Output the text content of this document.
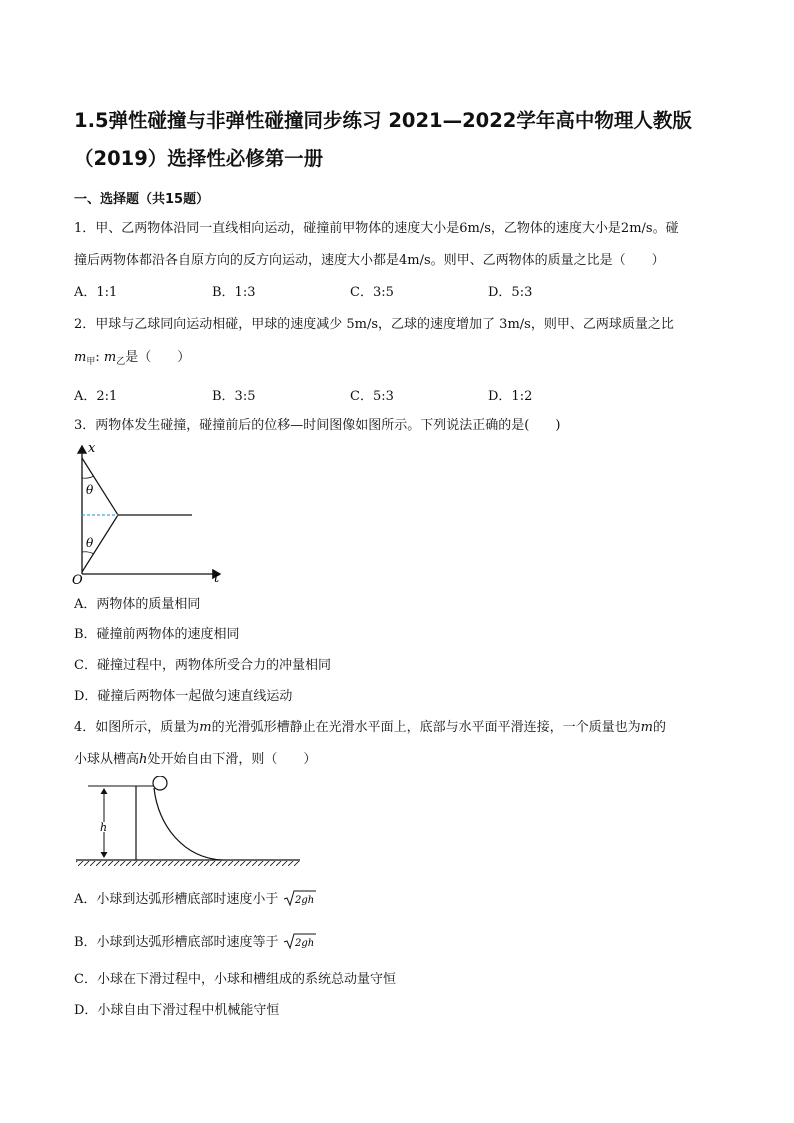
1.5弹性碰撞与非弹性碰撞同步练习 2021—2022学年高中物理人教版（2019）选择性必修第一册
一、选择题（共15题）
1．甲、乙两物体沿同一直线相向运动，碰撞前甲物体的速度大小是6m/s，乙物体的速度大小是2m/s。碰
撞后两物体都沿各自原方向的反方向运动，速度大小都是4m/s。则甲、乙两物体的质量之比是（　　）
A．1:1	B．1:3	C．3:5	D．5:3
2．甲球与乙球同向运动相碰，甲球的速度减少 5m/s，乙球的速度增加了 3m/s，则甲、乙两球质量之比
$m_甲$: $m_乙$是（　　）
A．2:1	B．3:5	C．5:3	D．1:2
3．两物体发生碰撞，碰撞前后的位移—时间图像如图所示。下列说法正确的是(　　)
θ
θ
x
t
O
A．两物体的质量相同
B．碰撞前两物体的速度相同
C．碰撞过程中，两物体所受合力的冲量相同
D．碰撞后两物体一起做匀速直线运动
4．如图所示，质量为m的光滑弧形槽静止在光滑水平面上，底部与水平面平滑连接，一个质量也为m的
小球从槽高h处开始自由下滑，则（　　）
h
A．小球到达弧形槽底部时速度小于 2gh
B．小球到达弧形槽底部时速度等于 2gh
C．小球在下滑过程中，小球和槽组成的系统总动量守恒
D．小球自由下滑过程中机械能守恒
